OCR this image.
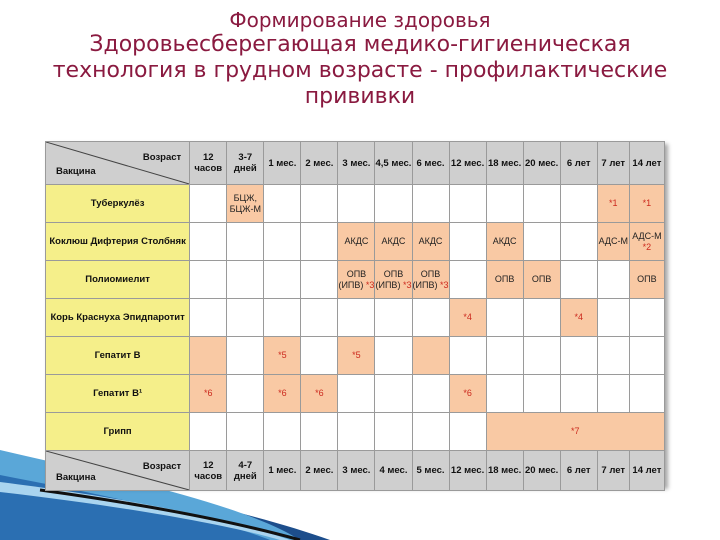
Формирование здоровья
Здоровьесберегающая медико-гигиеническая
технология в грудном возрасте - профилактические
прививки
Вакцина
Возраст	12 часов	3-7 дней	1 мес.	2 мес.	3 мес.	4,5 мес.	6 мес.	12 мес.	18 мес.	20 мес.	6 лет	7 лет	14 лет
Туберкулёз		БЦЖ, БЦЖ-М										*1	*1
Коклюш Дифтерия Столбняк					АКДС	АКДС	АКДС		АКДС			АДС-М	АДС-М *2
Полиомиелит					ОПВ (ИПВ) *3	ОПВ (ИПВ) *3	ОПВ (ИПВ) *3		ОПВ	ОПВ			ОПВ
Корь Краснуха Эпидпаротит								*4			*4		
Гепатит В			*5		*5								
Гепатит В¹	*6		*6	*6				*6					
Грипп									*7				

Вакцина
Возраст	12 часов	4-7 дней	1 мес.	2 мес.	3 мес.	4 мес.	5 мес.	12 мес.	18 мес.	20 мес.	6 лет	7 лет	14 лет
